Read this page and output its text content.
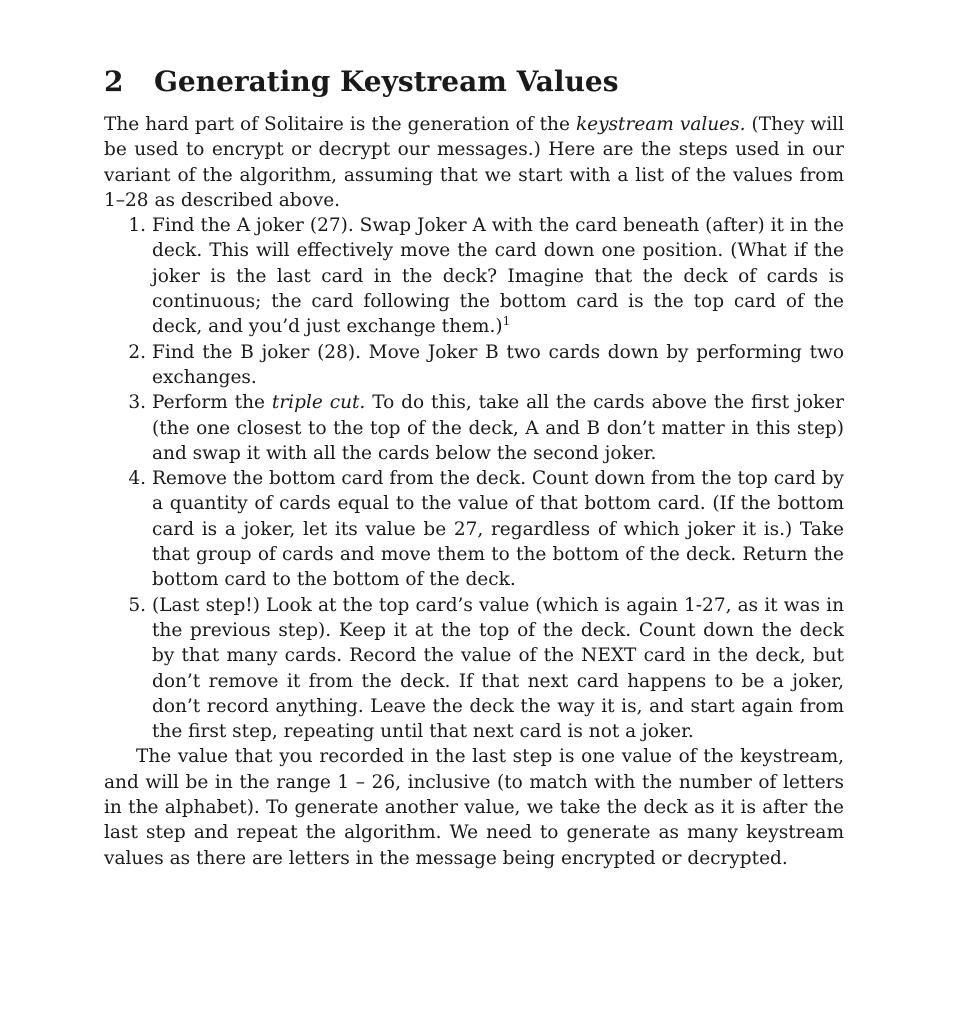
2	Generating Keystream Values

The hard part of Solitaire is the generation of the keystream values. (They will be used to encrypt or decrypt our messages.) Here are the steps used in our variant of the algorithm, assuming that we start with a list of the values from 1–28 as described above.

1. Find the A joker (27). Swap Joker A with the card beneath (after) it in the deck. This will effectively move the card down one position. (What if the joker is the last card in the deck? Imagine that the deck of cards is continuous; the card following the bottom card is the top card of the deck, and you’d just exchange them.)$^1$
2. Find the B joker (28). Move Joker B two cards down by performing two exchanges.
3. Perform the triple cut. To do this, take all the cards above the first joker (the one closest to the top of the deck, A and B don’t matter in this step) and swap it with all the cards below the second joker.
4. Remove the bottom card from the deck. Count down from the top card by a quantity of cards equal to the value of that bottom card. (If the bottom card is a joker, let its value be 27, regardless of which joker it is.) Take that group of cards and move them to the bottom of the deck. Return the bottom card to the bottom of the deck.
5. (Last step!) Look at the top card’s value (which is again 1-27, as it was in the previous step). Keep it at the top of the deck. Count down the deck by that many cards. Record the value of the NEXT card in the deck, but don’t remove it from the deck. If that next card happens to be a joker, don’t record anything. Leave the deck the way it is, and start again from the first step, repeating until that next card is not a joker.

The value that you recorded in the last step is one value of the keystream, and will be in the range 1 – 26, inclusive (to match with the number of letters in the alphabet). To generate another value, we take the deck as it is after the last step and repeat the algorithm. We need to generate as many keystream values as there are letters in the message being encrypted or decrypted.
